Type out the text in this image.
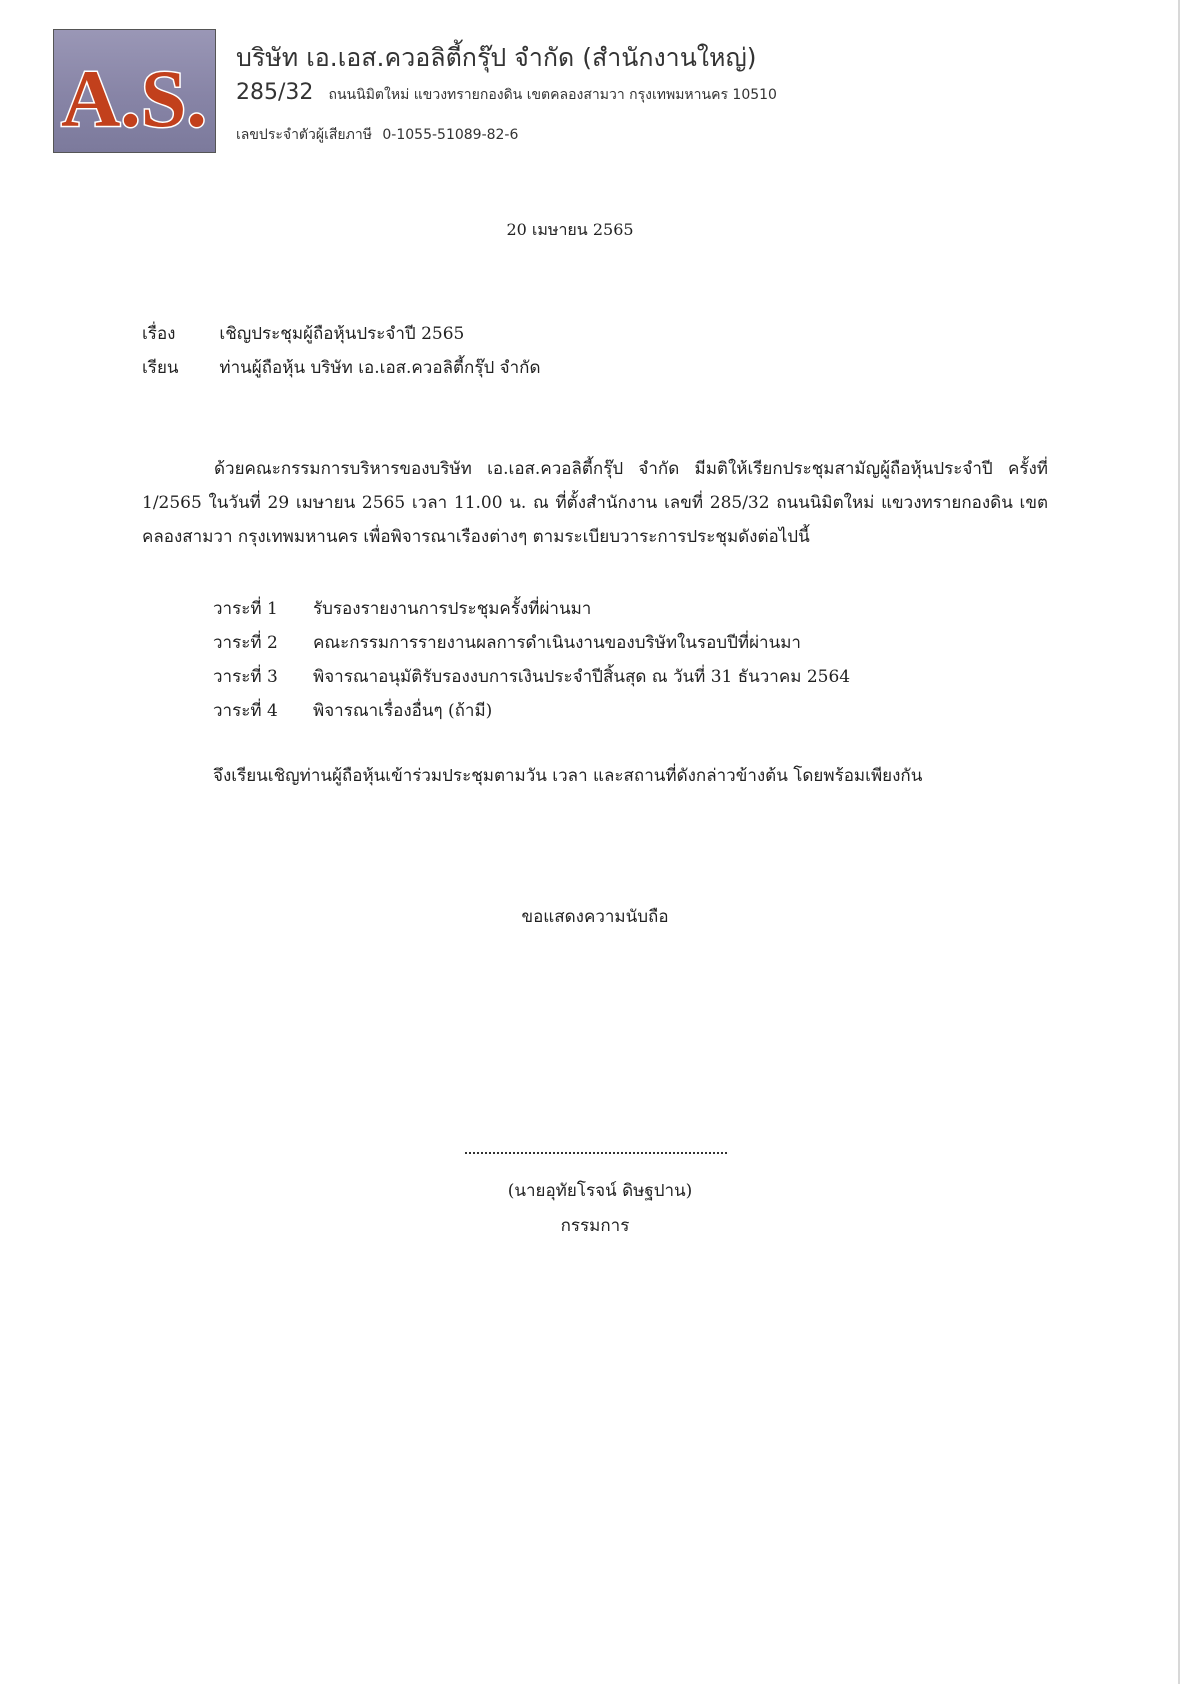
A.S. บริษัท เอ.เอส.ควอลิตี้กรุ๊ป จำกัด (สำนักงานใหญ่)
285/32 ถนนนิมิตใหม่ แขวงทรายกองดิน เขตคลองสามวา กรุงเทพมหานคร 10510
เลขประจำตัวผู้เสียภาษี 0-1055-51089-82-6
20 เมษายน 2565
เรื่อง	เชิญประชุมผู้ถือหุ้นประจำปี 2565
เรียน ท่านผู้ถือหุ้น บริษัท เอ.เอส.ควอลิตี้กรุ๊ป จำกัด
ด้วยคณะกรรมการบริหารของบริษัท เอ.เอส.ควอลิตี้กรุ๊ป จำกัด มีมติให้เรียกประชุมสามัญผู้ถือหุ้นประจำปี ครั้งที่ 1/2565 ในวันที่ 29 เมษายน 2565 เวลา 11.00 น. ณ ที่ตั้งสำนักงาน เลขที่ 285/32 ถนนนิมิตใหม่ แขวงทรายกองดิน เขตคลองสามวา กรุงเทพมหานคร เพื่อพิจารณาเรืองต่างๆ ตามระเบียบวาระการประชุมดังต่อไปนี้
วาระที่ 1 รับรองรายงานการประชุมครั้งที่ผ่านมา
วาระที่ 2 คณะกรรมการรายงานผลการดำเนินงานของบริษัทในรอบปีที่ผ่านมา
วาระที่ 3 พิจารณาอนุมัติรับรองงบการเงินประจำปีสิ้นสุด ณ วันที่ 31 ธันวาคม 2564
วาระที่ 4 พิจารณาเรื่องอื่นๆ (ถ้ามี)
จึงเรียนเชิญท่านผู้ถือหุ้นเข้าร่วมประชุมตามวัน เวลา และสถานที่ดังกล่าวข้างต้น โดยพร้อมเพียงกัน
ขอแสดงความนับถือ
(นายอุทัยโรจน์ ดิษฐปาน)
กรรมการ
